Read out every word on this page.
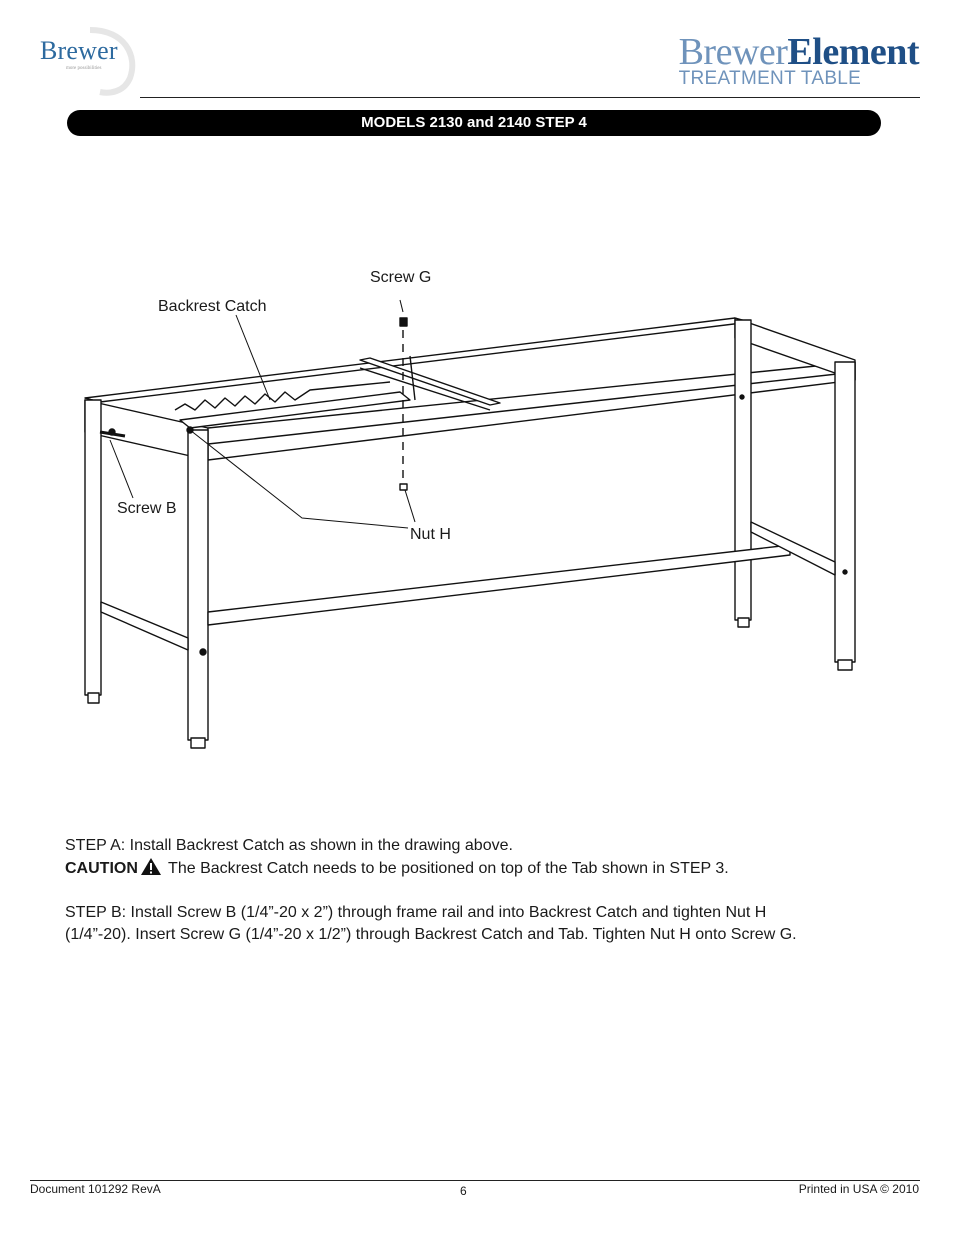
Brewer
more possibilities	BrewerElement
TREATMENT TABLE
MODELS 2130 and 2140 STEP 4
Screw G
Backrest Catch
Screw B
Nut H

STEP A: Install Backrest Catch as shown in the drawing above.

CAUTION The Backrest Catch needs to be positioned on top of the Tab shown in STEP 3.

STEP B: Install Screw B (1/4”-20 x 2”) through frame rail and into Backrest Catch and tighten Nut H

(1/4”-20). Insert Screw G (1/4”-20 x 1/2”) through Backrest Catch and Tab. Tighten Nut H onto Screw G.

Document 101292 RevA	6	Printed in USA © 2010
